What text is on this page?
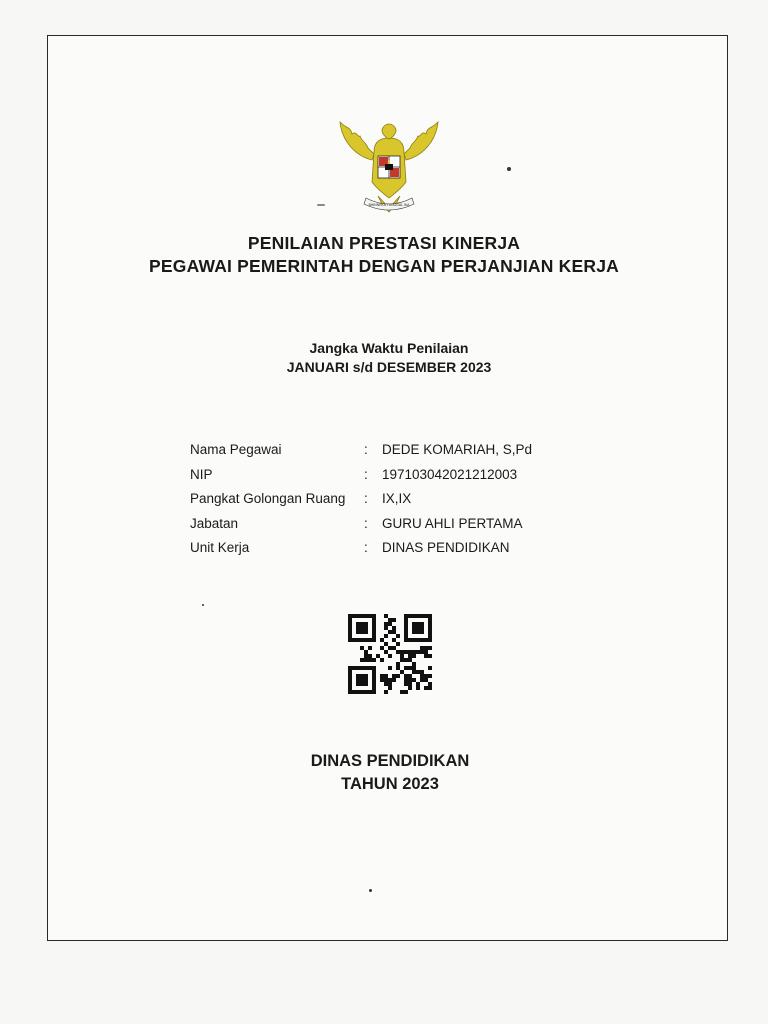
BHINNEKA TUNGGAL IKA
PENILAIAN PRESTASI KINERJA
PEGAWAI PEMERINTAH DENGAN PERJANJIAN KERJA
Jangka Waktu Penilaian
JANUARI s/d DESEMBER 2023
Nama Pegawai	: DEDE KOMARIAH, S,Pd
NIP	: 197103042021212003
Pangkat Golongan Ruang : IX,IX
Jabatan	: GURU AHLI PERTAMA
Unit Kerja	: DINAS PENDIDIKAN
DINAS PENDIDIKAN
TAHUN 2023
